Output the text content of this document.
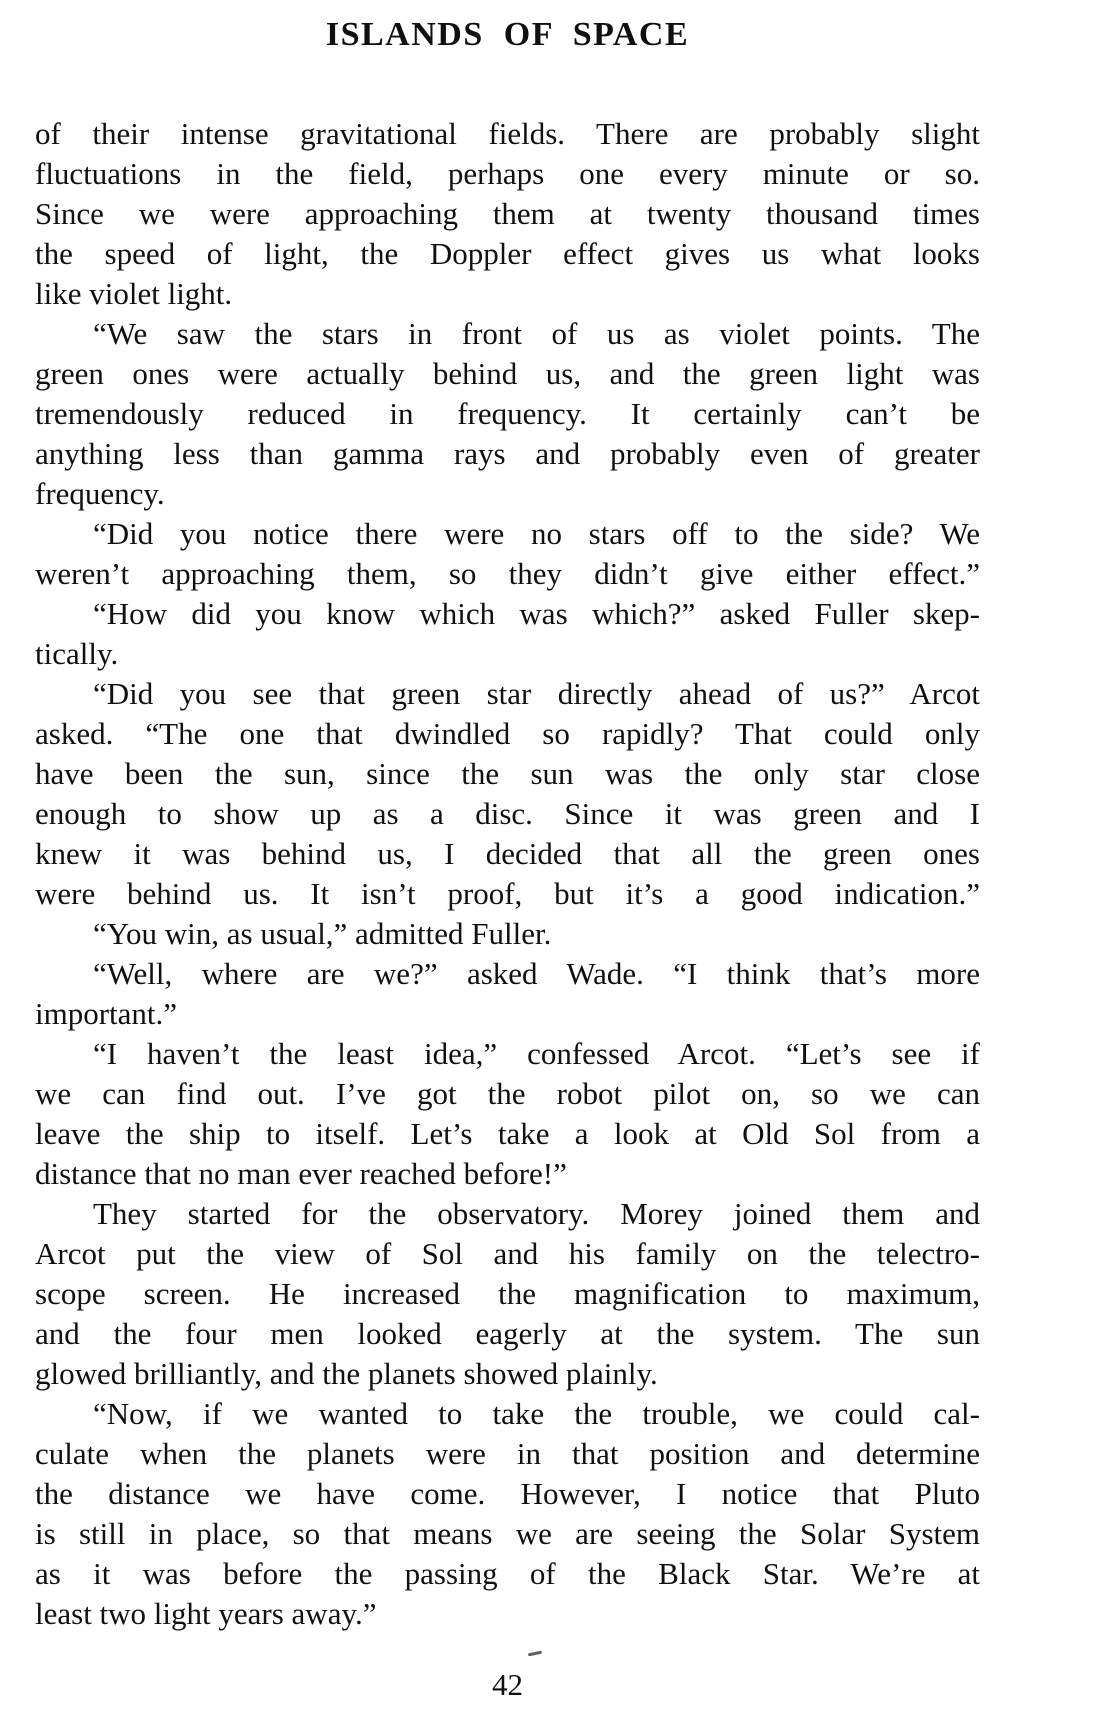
ISLANDS OF SPACE
of their intense gravitational fields. There are probably slight
fluctuations in the field, perhaps one every minute or so.
Since we were approaching them at twenty thousand times
the speed of light, the Doppler effect gives us what looks
like violet light.
“We saw the stars in front of us as violet points. The
green ones were actually behind us, and the green light was
tremendously reduced in frequency. It certainly can’t be
anything less than gamma rays and probably even of greater
frequency.
“Did you notice there were no stars off to the side? We
weren’t approaching them, so they didn’t give either effect.”
“How did you know which was which?” asked Fuller skep-
tically.
“Did you see that green star directly ahead of us?” Arcot
asked. “The one that dwindled so rapidly? That could only
have been the sun, since the sun was the only star close
enough to show up as a disc. Since it was green and I
knew it was behind us, I decided that all the green ones
were behind us. It isn’t proof, but it’s a good indication.”
“You win, as usual,” admitted Fuller.
“Well, where are we?” asked Wade. “I think that’s more
important.”
“I haven’t the least idea,” confessed Arcot. “Let’s see if
we can find out. I’ve got the robot pilot on, so we can
leave the ship to itself. Let’s take a look at Old Sol from a
distance that no man ever reached before!”
They started for the observatory. Morey joined them and
Arcot put the view of Sol and his family on the telectro-
scope screen. He increased the magnification to maximum,
and the four men looked eagerly at the system. The sun
glowed brilliantly, and the planets showed plainly.
“Now, if we wanted to take the trouble, we could cal-
culate when the planets were in that position and determine
the distance we have come. However, I notice that Pluto
is still in place, so that means we are seeing the Solar System
as it was before the passing of the Black Star. We’re at
least two light years away.”
42
